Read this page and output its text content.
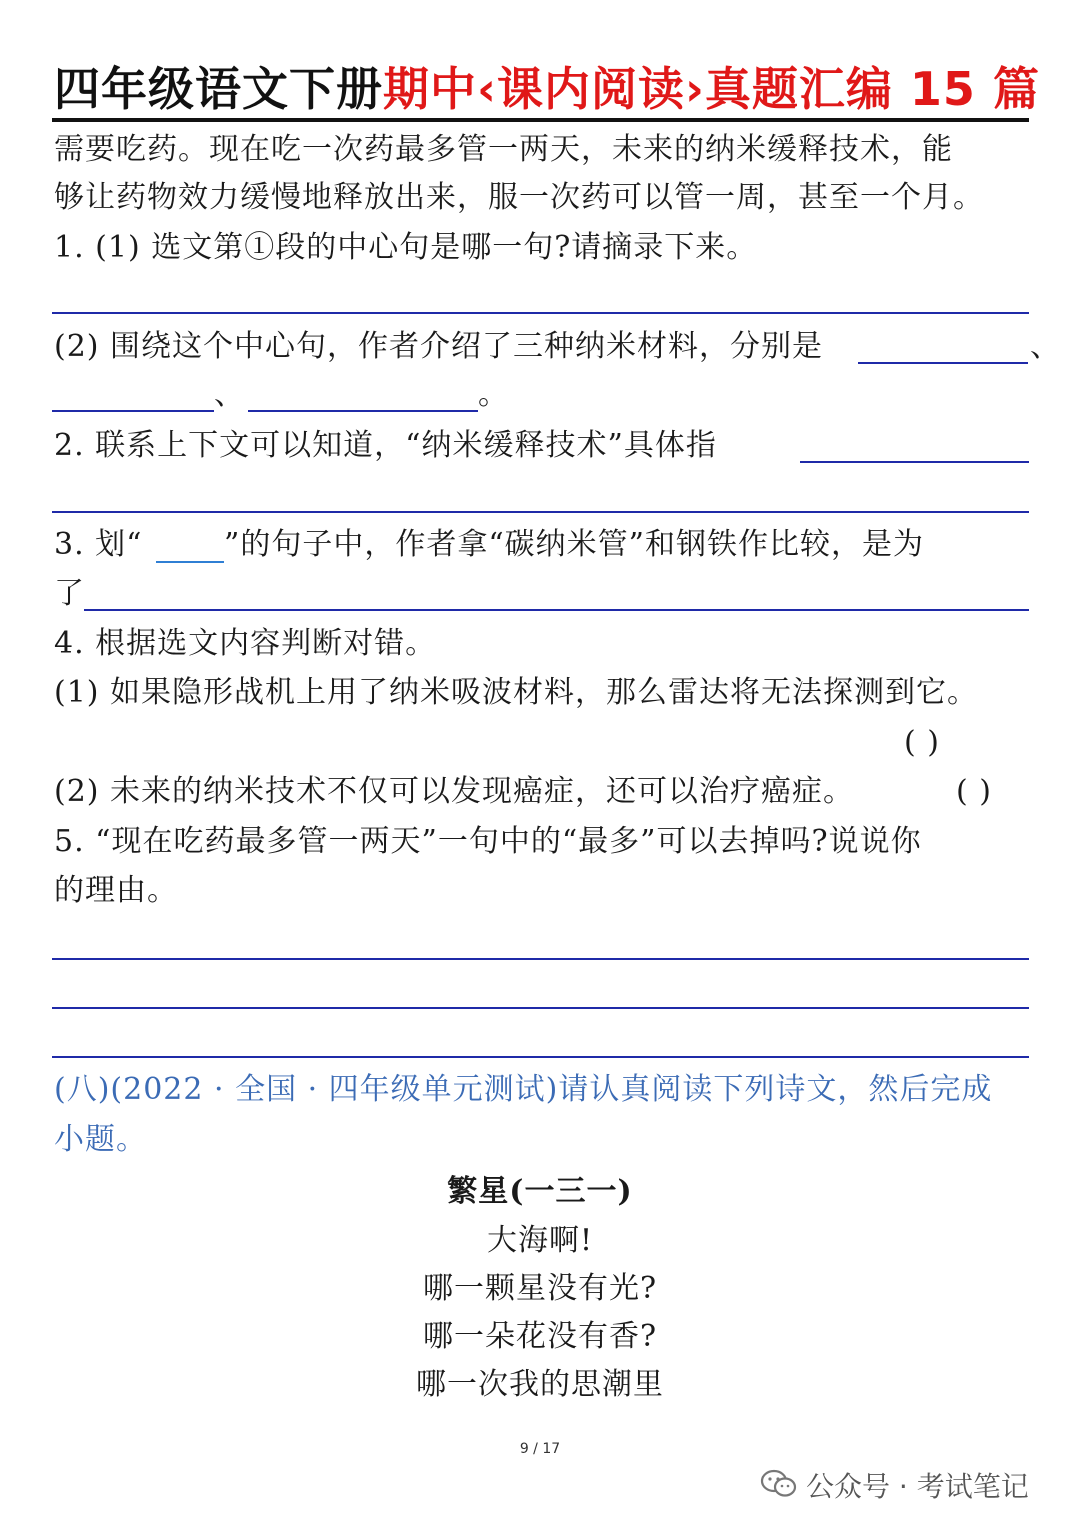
四年级语文下册期中‹课内阅读›真题汇编 15 篇
需要吃药。现在吃一次药最多管一两天，未来的纳米缓释技术，能
够让药物效力缓慢地释放出来，服一次药可以管一周，甚至一个月。
1. (1) 选文第①段的中心句是哪一句?请摘录下来。
(2) 围绕这个中心句，作者介绍了三种纳米材料，分别是	、
、	。
2. 联系上下文可以知道，“纳米缓释技术”具体指
3. 划“	”的句子中，作者拿“碳纳米管”和钢铁作比较，是为
了
4. 根据选文内容判断对错。
(1) 如果隐形战机上用了纳米吸波材料，那么雷达将无法探测到它。
( )
(2) 未来的纳米技术不仅可以发现癌症，还可以治疗癌症。	( )
5. “现在吃药最多管一两天”一句中的“最多”可以去掉吗?说说你
的理由。
(八)(2022 · 全国 · 四年级单元测试)请认真阅读下列诗文，然后完成
小题。
繁星(一三一)
大海啊!
哪一颗星没有光?
哪一朵花没有香?
哪一次我的思潮里
9 / 17
公众号 · 考试笔记
